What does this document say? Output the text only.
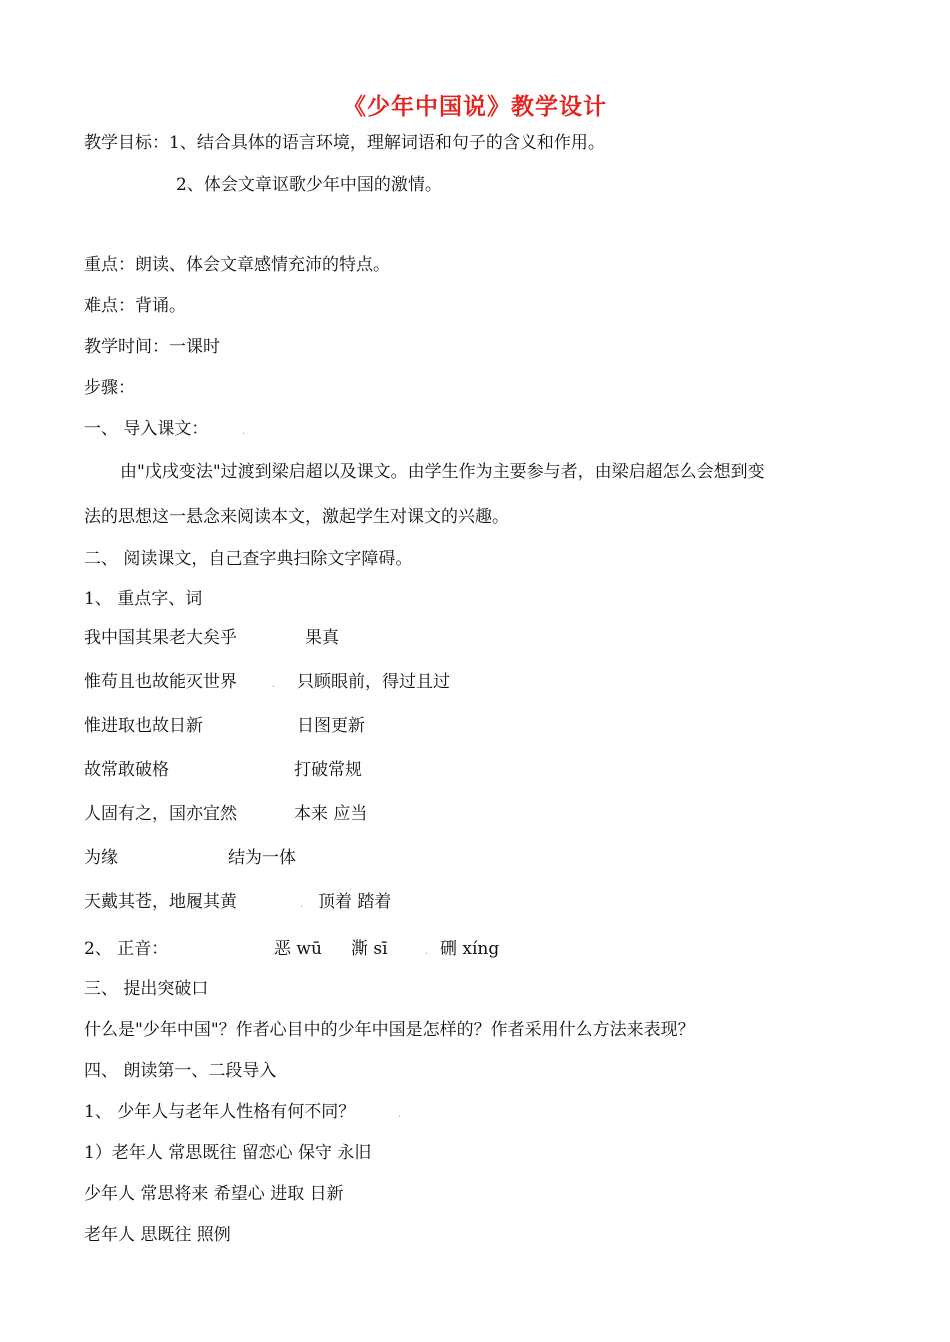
《少年中国说》教学设计
教学目标：1、结合具体的语言环境，理解词语和句子的含义和作用。
2、体会文章讴歌少年中国的激情。
重点：朗读、体会文章感情充沛的特点。
难点：背诵。
教学时间：一课时
步骤：
一、 导入课文：	.
由"戊戌变法"过渡到梁启超以及课文。由学生作为主要参与者，由梁启超怎么会想到变
法的思想这一悬念来阅读本文，激起学生对课文的兴趣。
二、 阅读课文，自己查字典扫除文字障碍。
1、 重点字、词
我中国其果老大矣乎	果真
惟苟且也故能灭世界	. 只顾眼前，得过且过
惟进取也故日新	日图更新
故常敢破格	打破常规
人固有之，国亦宜然	本来 应当
为缘	结为一体
天戴其苍，地履其黄	. 顶着 踏着
2、 正音：	恶 wū 澌 sī	. 硎 xíng
三、 提出突破口
什么是"少年中国"？作者心目中的少年中国是怎样的？作者采用什么方法来表现？
四、 朗读第一、二段导入
1、 少年人与老年人性格有何不同？	.
1）老年人 常思既往 留恋心 保守 永旧
少年人 常思将来 希望心 进取 日新
老年人 思既往 照例
